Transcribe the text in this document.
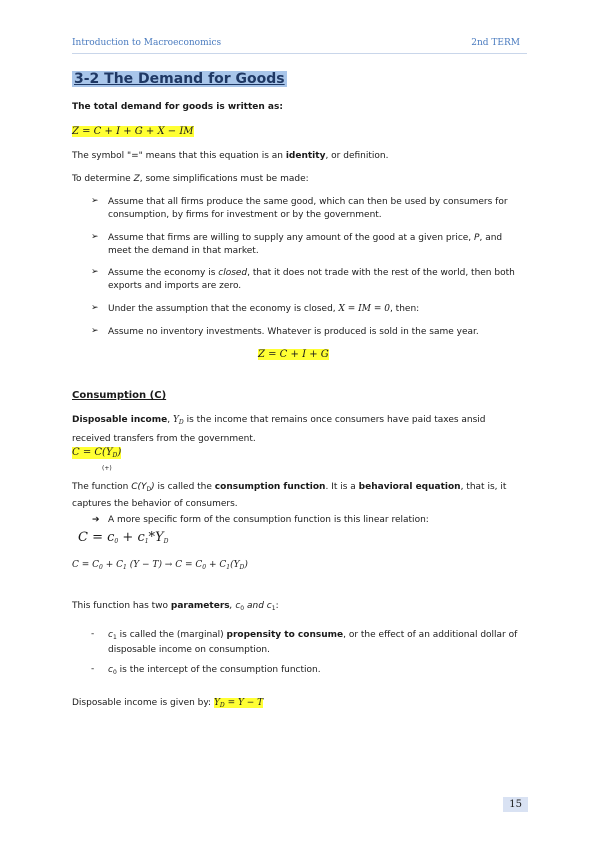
Introduction to Macroeconomics	2nd TERM
3-2 The Demand for Goods
The total demand for goods is written as:
Z = C + I + G + X − IM
The symbol "=" means that this equation is an identity, or definition.
To determine Z, some simplifications must be made:
➢ Assume that all firms produce the same good, which can then be used by consumers for
consumption, by firms for investment or by the government.
➢ Assume that firms are willing to supply any amount of the good at a given price, P, and
meet the demand in that market.
➢ Assume the economy is closed, that it does not trade with the rest of the world, then both
exports and imports are zero.
➢ Under the assumption that the economy is closed, X = IM = 0, then:
➢ Assume no inventory investments. Whatever is produced is sold in the same year.
Z = C + I + G
Consumption (C)
Disposable income, $Y_D$ is the income that remains once consumers have paid taxes ansid
received transfers from the government.
$C = C(Y_D)$
(+)
The function $C(Y_D)$ is called the consumption function. It is a behavioral equation, that is, it
captures the behavior of consumers.
➔ A more specific form of the consumption function is this linear relation:
$C = c_0 + c_1*Y_D$
$C = C_0 + C_1$ $(Y - T) \to C = C_0 + C_1(Y_D)$
This function has two parameters, $c_0$ and $c_1$:
- $c_1$ is called the (marginal) propensity to consume, or the effect of an additional dollar of
disposable income on consumption.
- $c_0$ is the intercept of the consumption function.
Disposable income is given by: $Y_D = Y - T$
15
